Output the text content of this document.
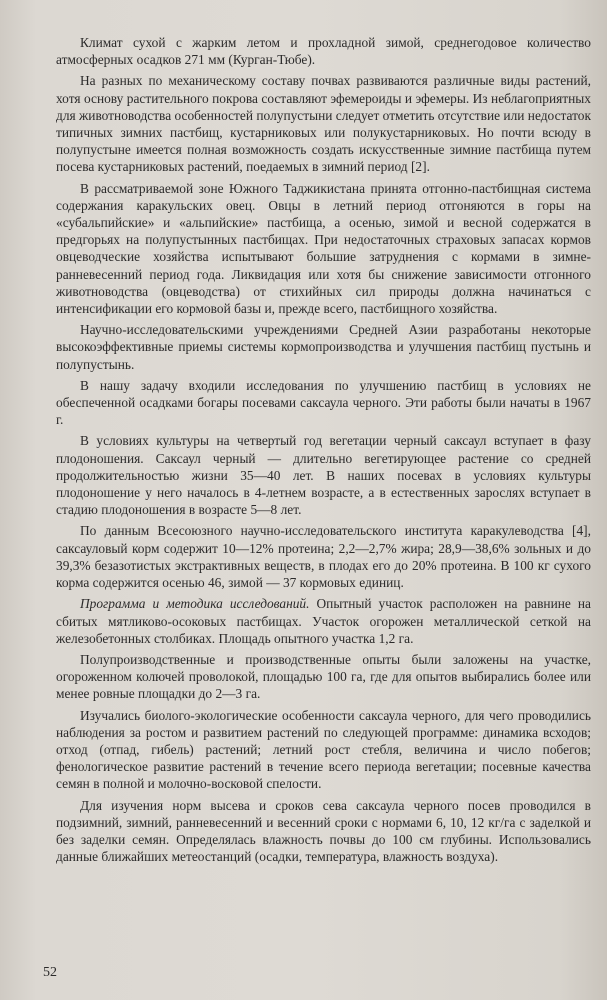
Климат сухой с жарким летом и прохладной зимой, среднегодовое количество атмосферных осадков 271 мм (Курган-Тюбе).

На разных по механическому составу почвах развиваются различные виды растений, хотя основу растительного покрова составляют эфемероиды и эфемеры. Из неблагоприятных для животноводства особенностей полупустыни следует отметить отсутствие или недостаток типичных зимних пастбищ, кустарниковых или полукустарниковых. Но почти всюду в полупустыне имеется полная возможность создать искусственные зимние пастбища путем посева кустарниковых растений, поедаемых в зимний период [2].

В рассматриваемой зоне Южного Таджикистана принята отгонно-пастбищная система содержания каракульских овец. Овцы в летний период отгоняются в горы на «субальпийские» и «альпийские» пастбища, а осенью, зимой и весной содержатся в предгорьях на полупустынных пастбищах. При недостаточных страховых запасах кормов овцеводческие хозяйства испытывают большие затруднения с кормами в зимне-ранневесенний период года. Ликвидация или хотя бы снижение зависимости отгонного животноводства (овцеводства) от стихийных сил природы должна начинаться с интенсификации его кормовой базы и, прежде всего, пастбищного хозяйства.

Научно-исследовательскими учреждениями Средней Азии разработаны некоторые высокоэффективные приемы системы кормопроизводства и улучшения пастбищ пустынь и полупустынь.

В нашу задачу входили исследования по улучшению пастбищ в условиях не обеспеченной осадками богары посевами саксаула черного. Эти работы были начаты в 1967 г.

В условиях культуры на четвертый год вегетации черный саксаул вступает в фазу плодоношения. Саксаул черный — длительно вегетирующее растение со средней продолжительностью жизни 35—40 лет. В наших посевах в условиях культуры плодоношение у него началось в 4-летнем возрасте, а в естественных зарослях вступает в стадию плодоношения в возрасте 5—8 лет.

По данным Всесоюзного научно-исследовательского института каракулеводства [4], саксауловый корм содержит 10—12% протеина; 2,2—2,7% жира; 28,9—38,6% зольных и до 39,3% безазотистых экстрактивных веществ, в плодах его до 20% протеина. В 100 кг сухого корма содержится осенью 46, зимой — 37 кормовых единиц.

Программа и методика исследований. Опытный участок расположен на равнине на сбитых мятликово-осоковых пастбищах. Участок огорожен металлической сеткой на железобетонных столбиках. Площадь опытного участка 1,2 га.

Полупроизводственные и производственные опыты были заложены на участке, огороженном колючей проволокой, площадью 100 га, где для опытов выбирались более или менее ровные площадки до 2—3 га.

Изучались биолого-экологические особенности саксаула черного, для чего проводились наблюдения за ростом и развитием растений по следующей программе: динамика всходов; отход (отпад, гибель) растений; летний рост стебля, величина и число побегов; фенологическое развитие растений в течение всего периода вегетации; посевные качества семян в полной и молочно-восковой спелости.

Для изучения норм высева и сроков сева саксаула черного посев проводился в подзимний, зимний, ранневесенний и весенний сроки с нормами 6, 10, 12 кг/га с заделкой и без заделки семян. Определялась влажность почвы до 100 см глубины. Использовались данные ближайших метеостанций (осадки, температура, влажность воздуха).

52
